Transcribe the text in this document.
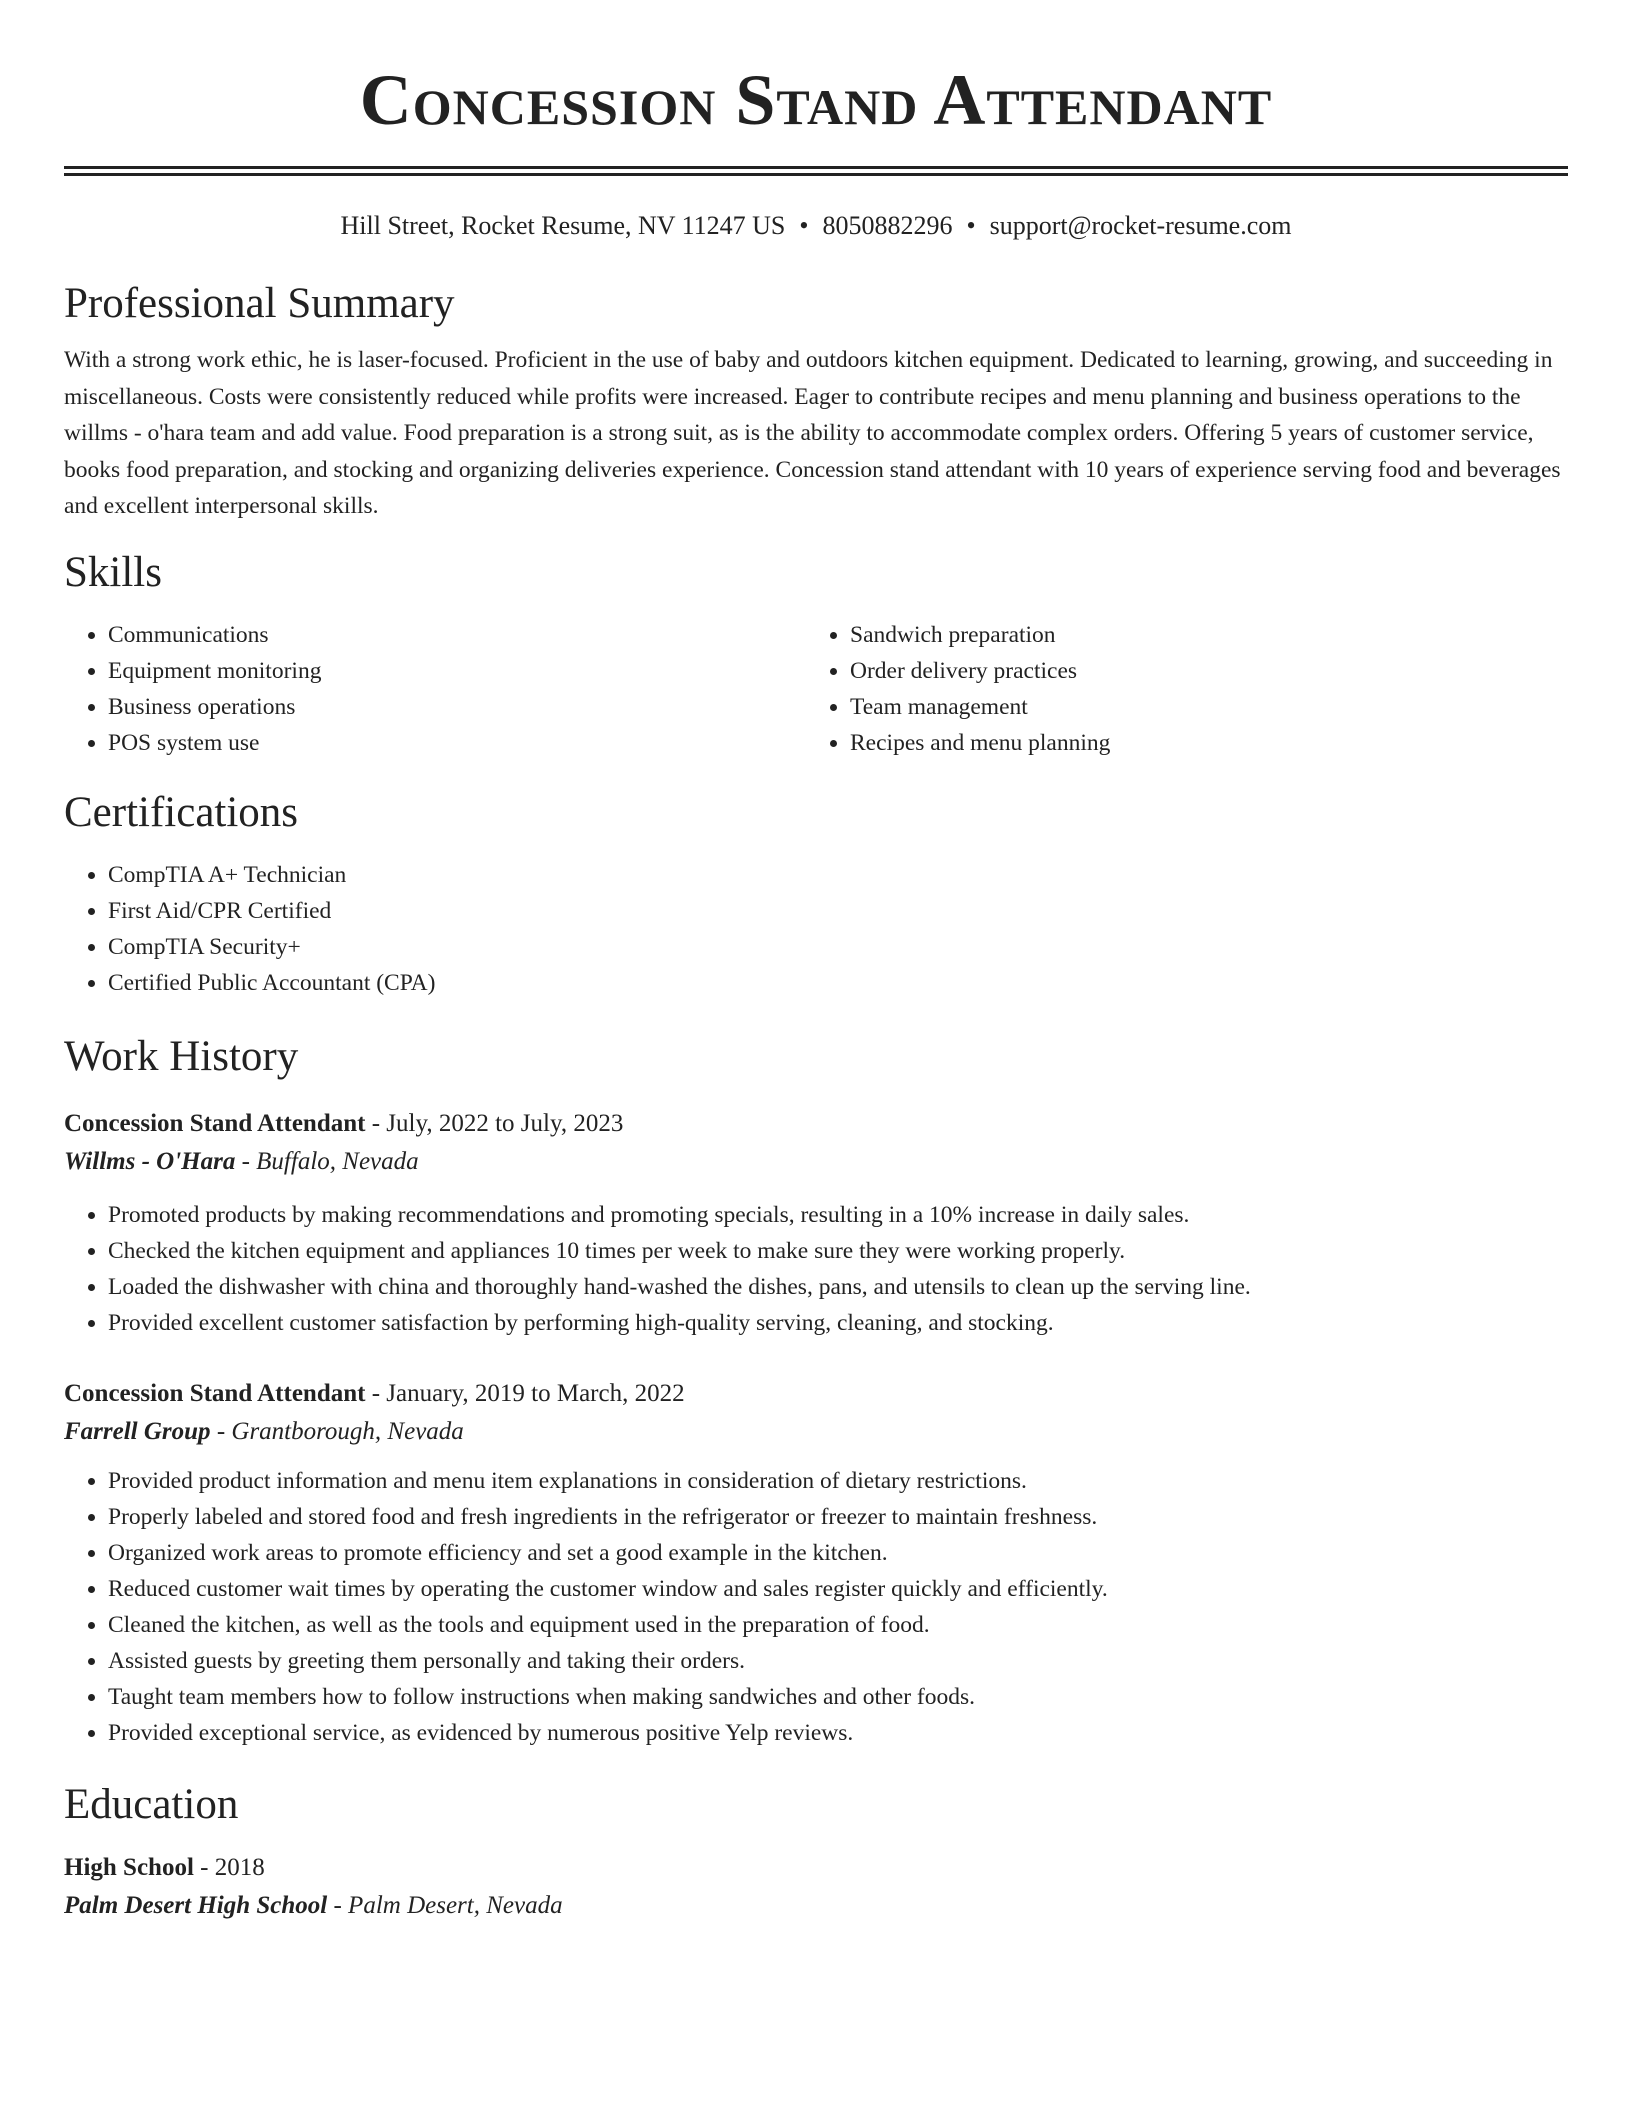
Concession Stand Attendant
Hill Street, Rocket Resume, NV 11247 US • 8050882296 • support@rocket-resume.com
Professional Summary

With a strong work ethic, he is laser-focused. Proficient in the use of baby and outdoors kitchen equipment. Dedicated to learning, growing, and succeeding in miscellaneous. Costs were consistently reduced while profits were increased. Eager to contribute recipes and menu planning and business operations to the willms - o'hara team and add value. Food preparation is a strong suit, as is the ability to accommodate complex orders. Offering 5 years of customer service, books food preparation, and stocking and organizing deliveries experience. Concession stand attendant with 10 years of experience serving food and beverages and excellent interpersonal skills.

Skills
• Communications
• Equipment monitoring
• Business operations
• POS system use
• Sandwich preparation
• Order delivery practices
• Team management
• Recipes and menu planning
Certifications
• CompTIA A+ Technician
• First Aid/CPR Certified
• CompTIA Security+
• Certified Public Accountant (CPA)
Work History
Concession Stand Attendant - July, 2022 to July, 2023
Willms - O'Hara - Buffalo, Nevada
• Promoted products by making recommendations and promoting specials, resulting in a 10% increase in daily sales.
• Checked the kitchen equipment and appliances 10 times per week to make sure they were working properly.
• Loaded the dishwasher with china and thoroughly hand-washed the dishes, pans, and utensils to clean up the serving line.
• Provided excellent customer satisfaction by performing high-quality serving, cleaning, and stocking.
Concession Stand Attendant - January, 2019 to March, 2022
Farrell Group - Grantborough, Nevada
• Provided product information and menu item explanations in consideration of dietary restrictions.
• Properly labeled and stored food and fresh ingredients in the refrigerator or freezer to maintain freshness.
• Organized work areas to promote efficiency and set a good example in the kitchen.
• Reduced customer wait times by operating the customer window and sales register quickly and efficiently.
• Cleaned the kitchen, as well as the tools and equipment used in the preparation of food.
• Assisted guests by greeting them personally and taking their orders.
• Taught team members how to follow instructions when making sandwiches and other foods.
• Provided exceptional service, as evidenced by numerous positive Yelp reviews.
Education
High School - 2018
Palm Desert High School - Palm Desert, Nevada
